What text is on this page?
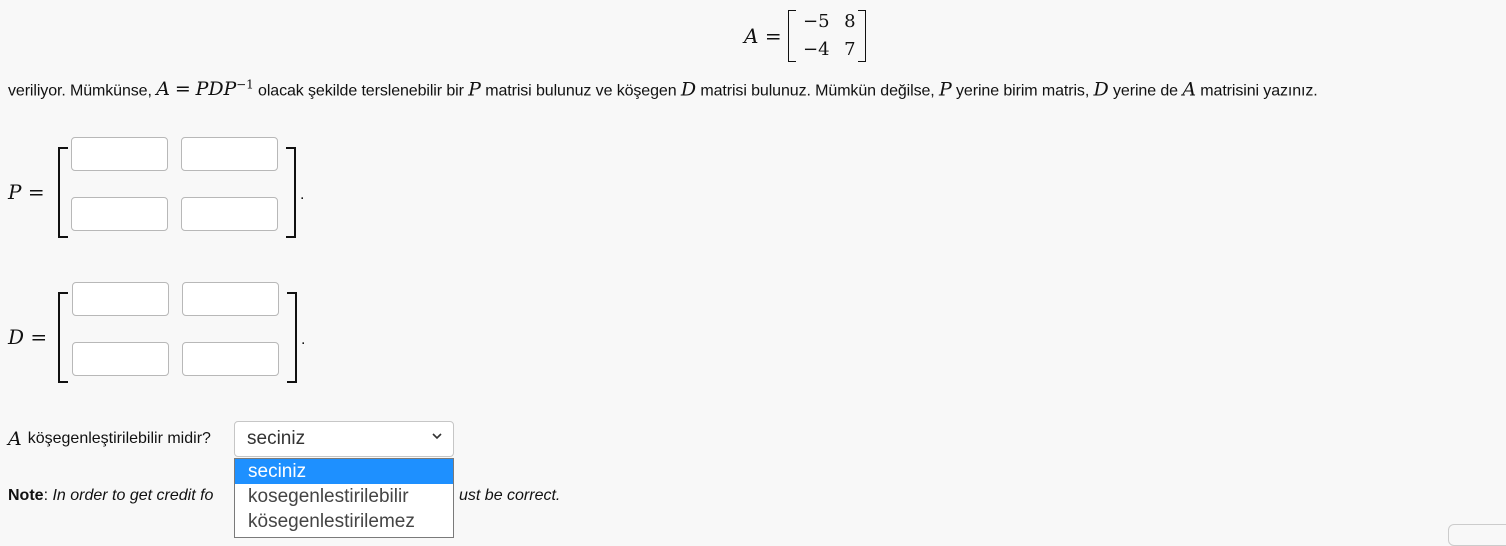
A =
−5 8
−4 7
veriliyor. Mümkünse, $A = PDP^{-1}$ olacak şekilde terslenebilir bir P matrisi bulunuz ve köşegen D matrisi bulunuz. Mümkün değilse, P yerine birim matris, D yerine de A matrisini yazınız.
P =	.
D =	.
A köşegenleştirilebilir midir?	seciniz
Note: In order to get credit fo	ust be correct.
seciniz
kosegenlestirilebilir
kösegenlestirilemez
